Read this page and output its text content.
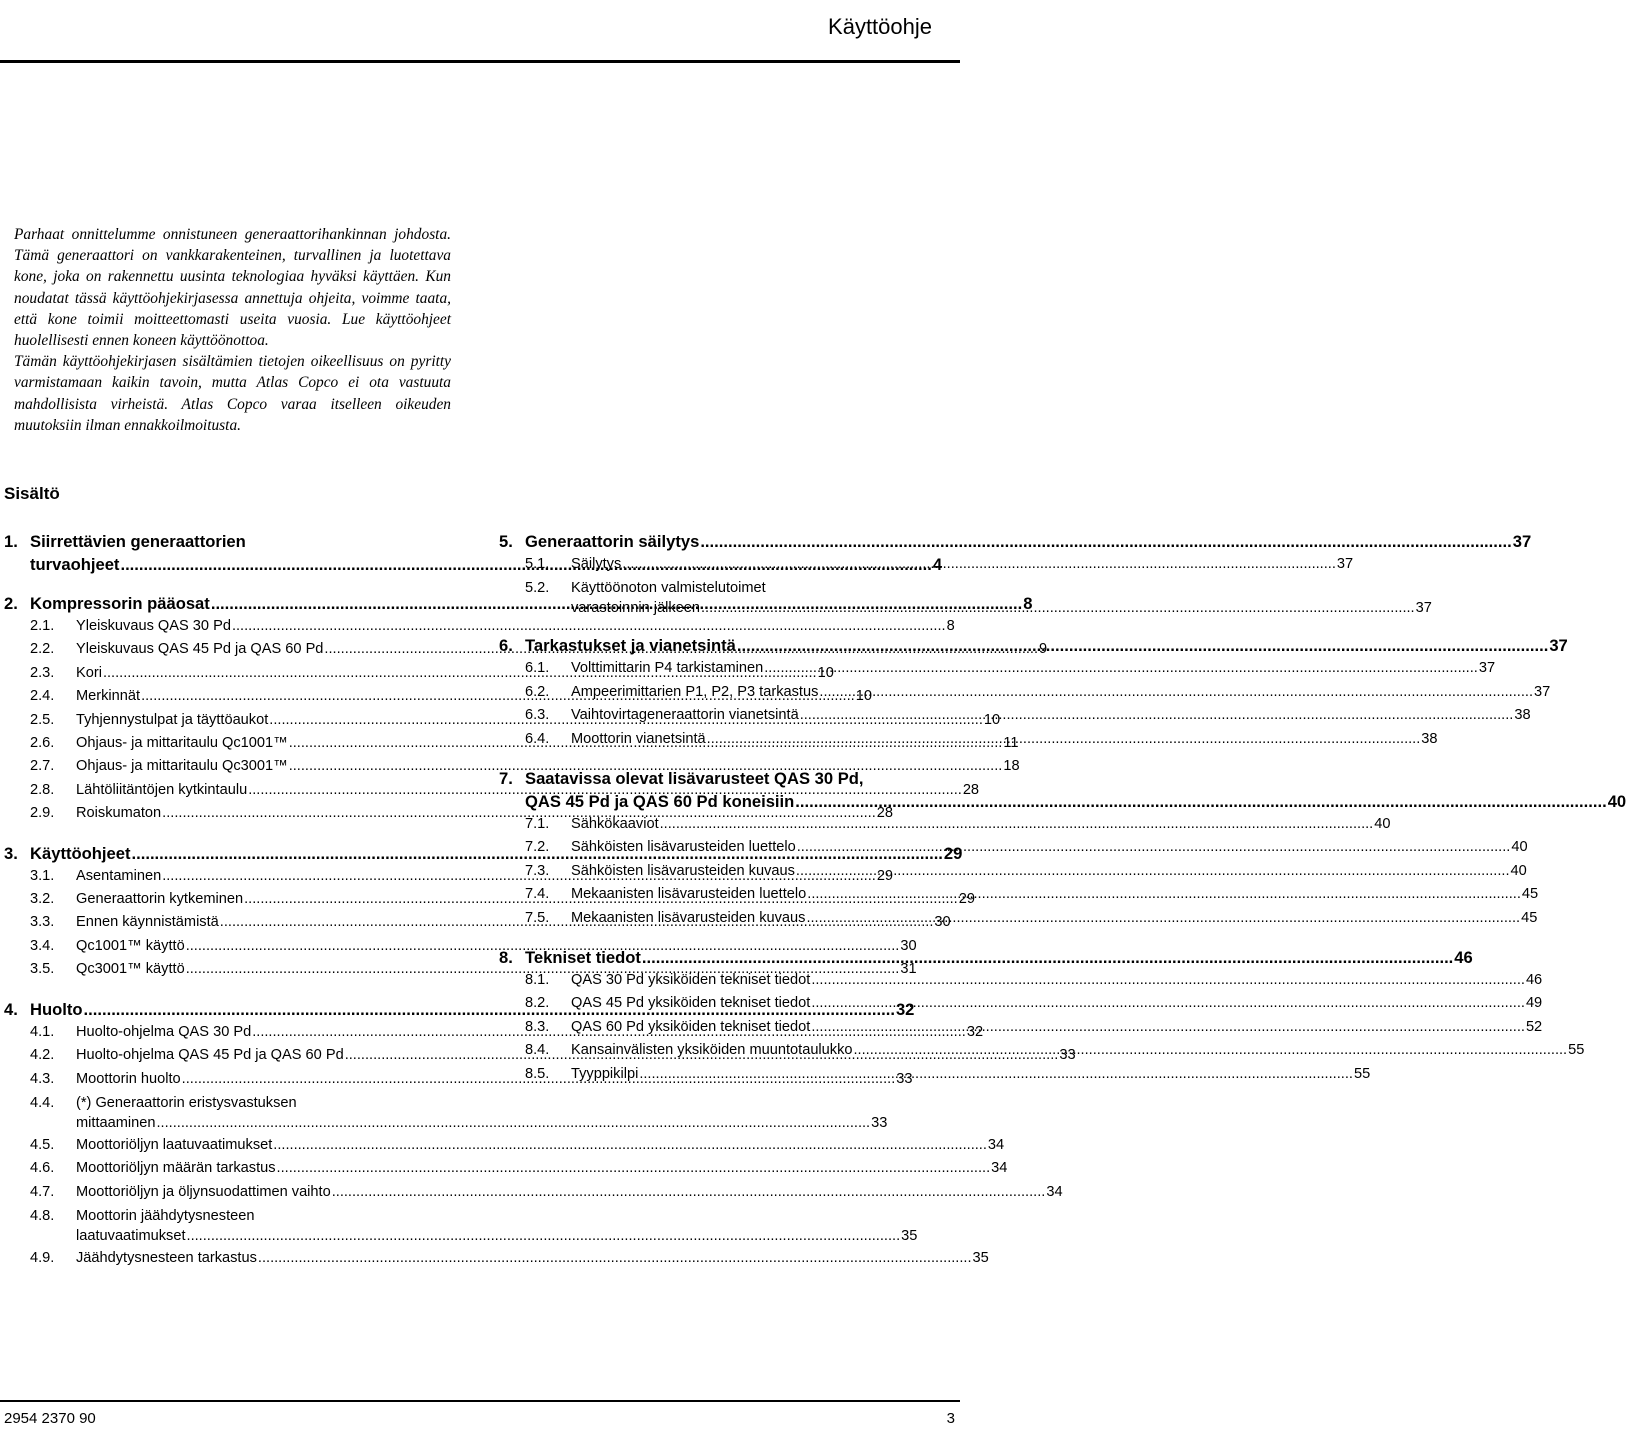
Käyttöohje

Parhaat onnittelumme onnistuneen generaattorihankinnan johdosta. Tämä generaattori on vankkarakenteinen, turvallinen ja luotettava kone, joka on rakennettu uusinta teknologiaa hyväksi käyttäen. Kun noudatat tässä käyttöohjekirjasessa annettuja ohjeita, voimme taata, että kone toimii moitteettomasti useita vuosia. Lue käyttöohjeet huolellisesti ennen koneen käyttöönottoa.

Tämän käyttöohjekirjasen sisältämien tietojen oikeellisuus on pyritty varmistamaan kaikin tavoin, mutta Atlas Copco ei ota vastuuta mahdollisista virheistä. Atlas Copco varaa itselleen oikeuden muutoksiin ilman ennakkoilmoitusta.

Sisältö
1. Siirrettävien generaattorien
turvaohjeet .....	4
2. Kompressorin pääosat .....	8
2.1.	Yleiskuvaus QAS 30 Pd .....	8
2.2.	Yleiskuvaus QAS 45 Pd ja QAS 60 Pd .....	9
2.3.	Kori .....	10
2.4.	Merkinnät .....	10
2.5.	Tyhjennystulpat ja täyttöaukot .....	10
2.6.	Ohjaus- ja mittaritaulu Qc1001™ .....	11
2.7.	Ohjaus- ja mittaritaulu Qc3001™ .....	18
2.8.	Lähtöliitäntöjen kytkintaulu .....	28
2.9.	Roiskumaton .....	28
3. Käyttöohjeet .....	29
3.1.	Asentaminen .....	29
3.2.	Generaattorin kytkeminen .....	29
3.3.	Ennen käynnistämistä .....	30
3.4.	Qc1001™ käyttö .....	30
3.5.	Qc3001™ käyttö .....	31
4. Huolto .....	32
4.1.	Huolto-ohjelma QAS 30 Pd .....	32
4.2.	Huolto-ohjelma QAS 45 Pd ja QAS 60 Pd .....	33
4.3.	Moottorin huolto .....	33
4.4.	(*) Generaattorin eristysvastuksen
mittaaminen .....	33
4.5.	Moottoriöljyn laatuvaatimukset .....	34
4.6.	Moottoriöljyn määrän tarkastus .....	34
4.7.	Moottoriöljyn ja öljynsuodattimen vaihto .....	34
4.8.	Moottorin jäähdytysnesteen
laatuvaatimukset .....	35
4.9.	Jäähdytysnesteen tarkastus .....	35
5. Generaattorin säilytys .....	37
5.1.	Säilytys .....	37
5.2.	Käyttöönoton valmistelutoimet
varastoinnin jälkeen .....	37
6. Tarkastukset ja vianetsintä .....	37
6.1.	Volttimittarin P4 tarkistaminen .....	37
6.2.	Ampeerimittarien P1, P2, P3 tarkastus .....	37
6.3.	Vaihtovirtageneraattorin vianetsintä .....	38
6.4.	Moottorin vianetsintä .....	38
7. Saatavissa olevat lisävarusteet QAS 30 Pd,
QAS 45 Pd ja QAS 60 Pd koneisiin .....	40
7.1.	Sähkökaaviot .....	40
7.2.	Sähköisten lisävarusteiden luettelo .....	40
7.3.	Sähköisten lisävarusteiden kuvaus .....	40
7.4.	Mekaanisten lisävarusteiden luettelo .....	45
7.5.	Mekaanisten lisävarusteiden kuvaus .....	45
8. Tekniset tiedot .....	46
8.1.	QAS 30 Pd yksiköiden tekniset tiedot .....	46
8.2.	QAS 45 Pd yksiköiden tekniset tiedot .....	49
8.3.	QAS 60 Pd yksiköiden tekniset tiedot .....	52
8.4.	Kansainvälisten yksiköiden muuntotaulukko .....	55
8.5.	Tyyppikilpi .....	55
2954 2370 90	3
